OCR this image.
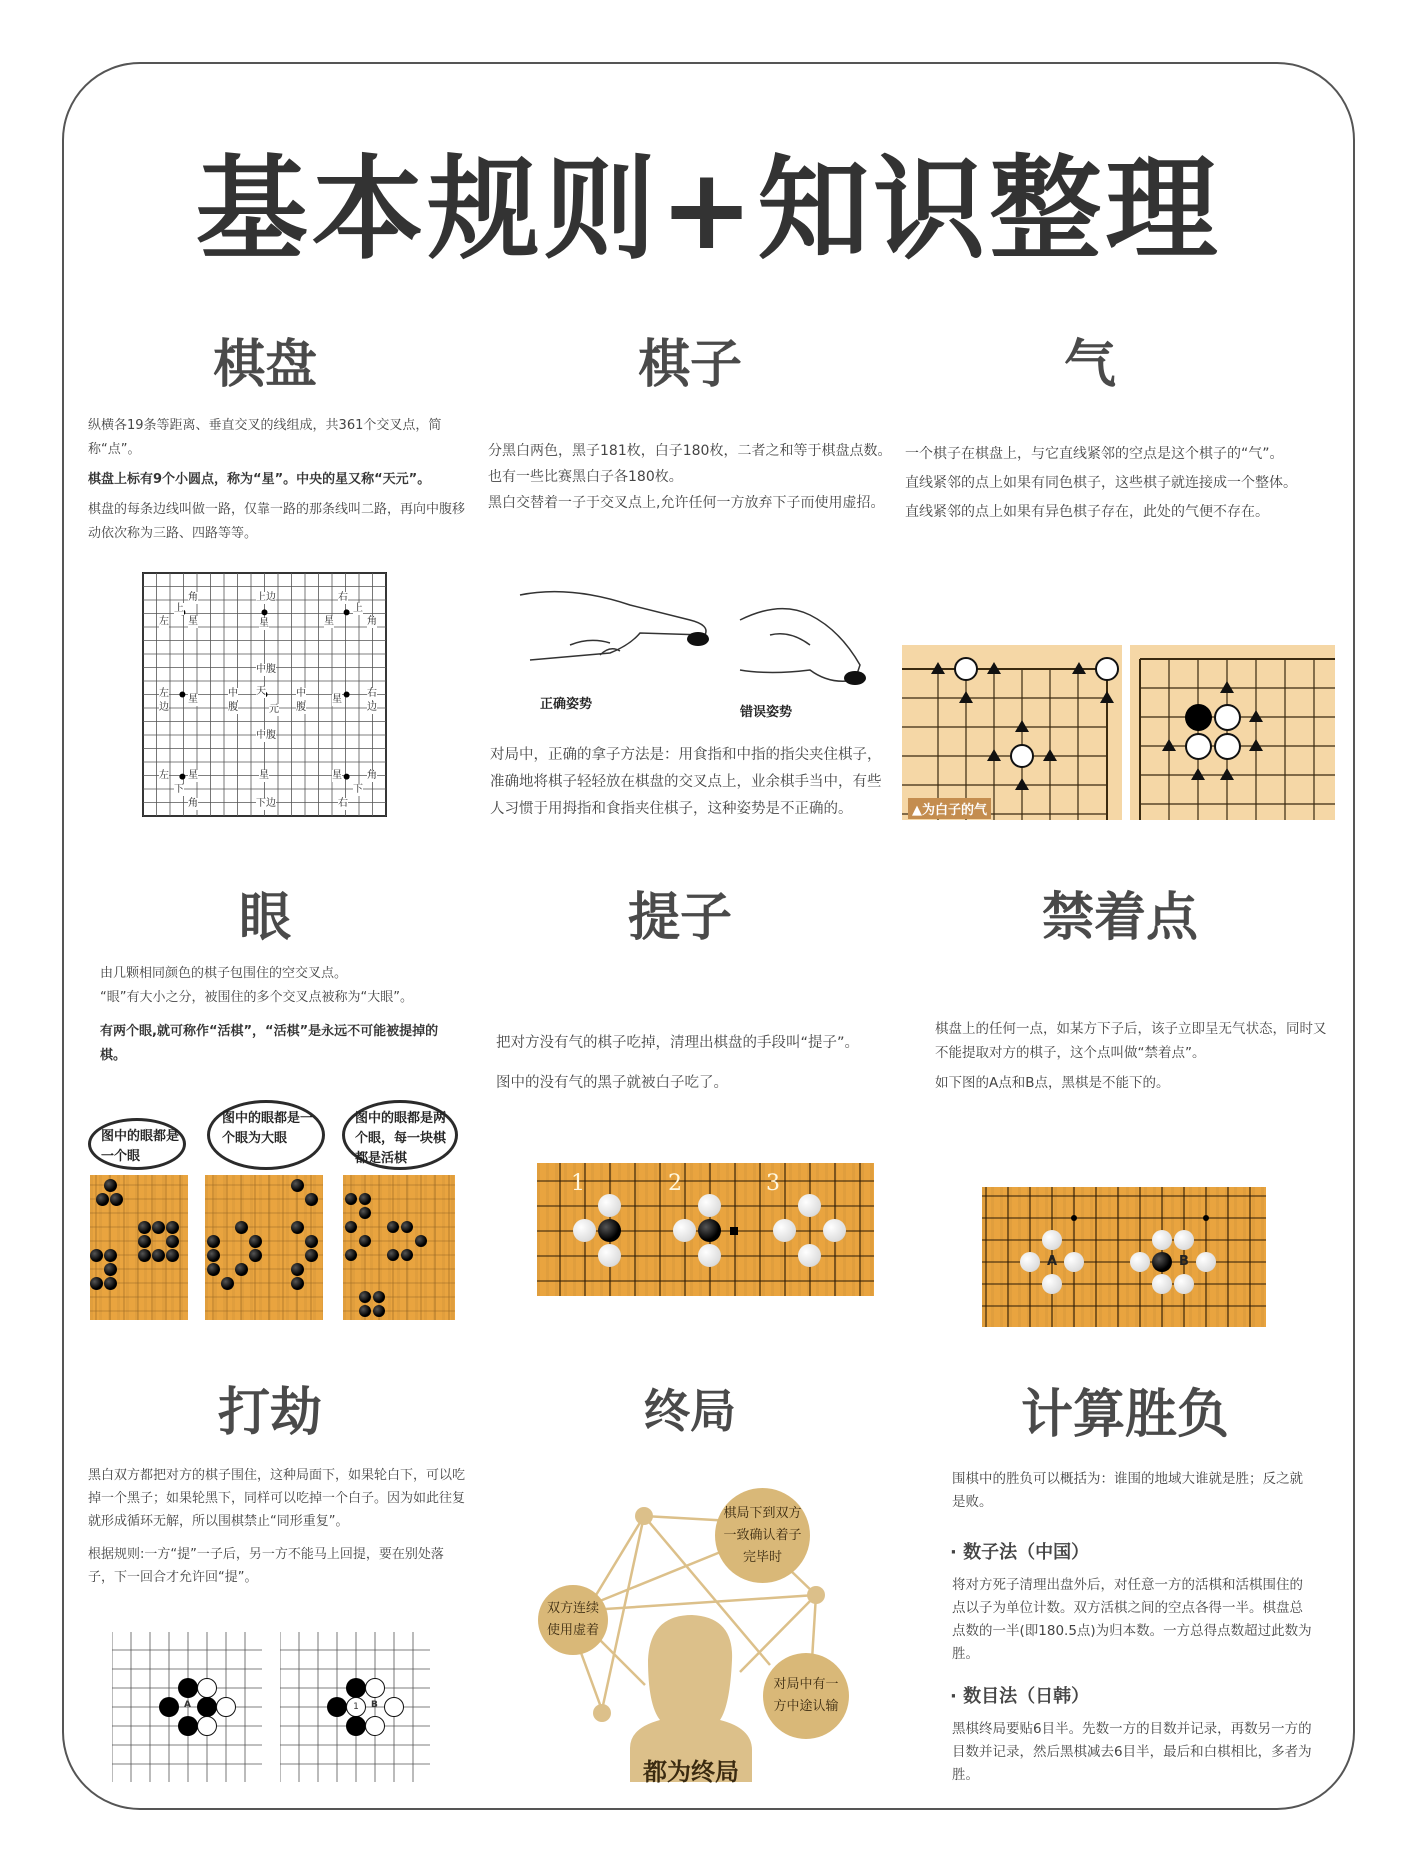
基本规则+知识整理
棋盘

纵横各19条等距离、垂直交叉的线组成，共361个交叉点，简称“点”。

棋盘上标有9个小圆点，称为“星”。中央的星又称“天元”。

棋盘的每条边线叫做一路，仅靠一路的那条线叫二路，再向中腹移动依次称为三路、四路等等。

角	上边	右
上
左 星	星	星
上
角
中腹
左
边
星
中
腹
天
元
中
腹
星
右
边
中腹
左 星	星	星	角
下	下
角	下边	右
棋子

分黑白两色，黑子181枚，白子180枚，二者之和等于棋盘点数。也有一些比赛黑白子各180枚。

黑白交替着一子于交叉点上,允许任何一方放弃下子而使用虚招。

正确姿势
错误姿势
对局中，正确的拿子方法是：用食指和中指的指尖夹住棋子，准确地将棋子轻轻放在棋盘的交叉点上，业余棋手当中，有些人习惯于用拇指和食指夹住棋子，这种姿势是不正确的。
气

一个棋子在棋盘上，与它直线紧邻的空点是这个棋子的“气”。

直线紧邻的点上如果有同色棋子，这些棋子就连接成一个整体。

直线紧邻的点上如果有异色棋子存在，此处的气便不存在。

▲为白子的气
眼

由几颗相同颜色的棋子包围住的空交叉点。

“眼”有大小之分，被围住的多个交叉点被称为“大眼”。

有两个眼,就可称作“活棋”，“活棋”是永远不可能被提掉的棋。

图中的眼都是一个眼
图中的眼都是一个眼为大眼
图中的眼都是两个眼，每一块棋都是活棋
提子

把对方没有气的棋子吃掉，清理出棋盘的手段叫“提子”。

图中的没有气的黑子就被白子吃了。

1	2	3
禁着点

棋盘上的任何一点，如某方下子后，该子立即呈无气状态，同时又不能提取对方的棋子，这个点叫做“禁着点”。

如下图的A点和B点，黑棋是不能下的。

A	B
打劫

黑白双方都把对方的棋子围住，这种局面下，如果轮白下，可以吃掉一个黑子；如果轮黑下，同样可以吃掉一个白子。因为如此往复就形成循环无解，所以围棋禁止“同形重复”。

根据规则:一方“提”一子后，另一方不能马上回提，要在别处落子，下一回合才允许回“提”。

A	1	B
终局
棋局下到双方一致确认着子完毕时
双方连续使用虚着
对局中有一方中途认输
都为终局
计算胜负
围棋中的胜负可以概括为：谁围的地域大谁就是胜；反之就是败。
· 数子法（中国）
将对方死子清理出盘外后，对任意一方的活棋和活棋围住的点以子为单位计数。双方活棋之间的空点各得一半。棋盘总点数的一半(即180.5点)为归本数。一方总得点数超过此数为胜。
· 数目法（日韩）
黑棋终局要贴6目半。先数一方的目数并记录，再数另一方的目数并记录，然后黑棋减去6目半，最后和白棋相比，多者为胜。
